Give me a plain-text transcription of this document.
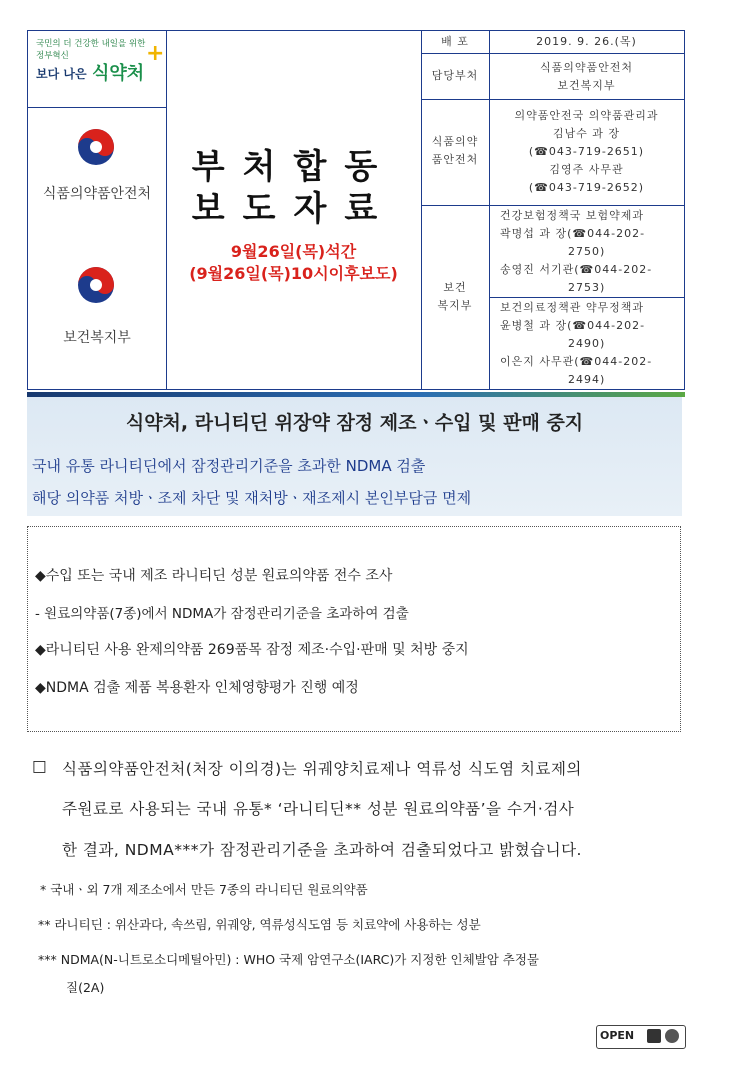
국민의 더 건강한 내일을 위한
정부혁신
보다 나은 식약처
+
식품의약품안전처
보건복지부
부처합동
보도자료
9월26일(목)석간
(9월26일(목)10시이후보도)
배 포	2019. 9. 26.(목)
담당부처
식품의약품안전처
보건복지부
식품의약
품안전처
의약품안전국 의약품관리과
김남수 과 장
(☎043-719-2651)
김영주 사무관
(☎043-719-2652)
보건
복지부
건강보험정책국 보험약제과
곽명섭 과 장(☎044-202-
2750)
송영진 서기관(☎044-202-
2753)
보건의료정책관 약무정책과
윤병철 과 장(☎044-202-
2490)
이은지 사무관(☎044-202-
2494)
식약처, 라니티딘 위장약 잠정 제조ㆍ수입 및 판매 중지
국내 유통 라니티딘에서 잠정관리기준을 초과한 NDMA 검출
해당 의약품 처방ㆍ조제 차단 및 재처방ㆍ재조제시 본인부담금 면제
◆수입 또는 국내 제조 라니티딘 성분 원료의약품 전수 조사
- 원료의약품(7종)에서 NDMA가 잠정관리기준을 초과하여 검출
◆라니티딘 사용 완제의약품 269품목 잠정 제조·수입·판매 및 처방 중지
◆NDMA 검출 제품 복용환자 인체영향평가 진행 예정
□ 식품의약품안전처(처장 이의경)는 위궤양치료제나 역류성 식도염 치료제의
주원료로 사용되는 국내 유통* ‘라니티딘** 성분 원료의약품’을 수거·검사
한 결과, NDMA***가 잠정관리기준을 초과하여 검출되었다고 밝혔습니다.
* 국내ㆍ외 7개 제조소에서 만든 7종의 라니티딘 원료의약품
** 라니티딘 : 위산과다, 속쓰림, 위궤양, 역류성식도염 등 치료약에 사용하는 성분
*** NDMA(N-니트로소디메틸아민) : WHO 국제 암연구소(IARC)가 지정한 인체발암 추정물
질(2A)
OPEN
